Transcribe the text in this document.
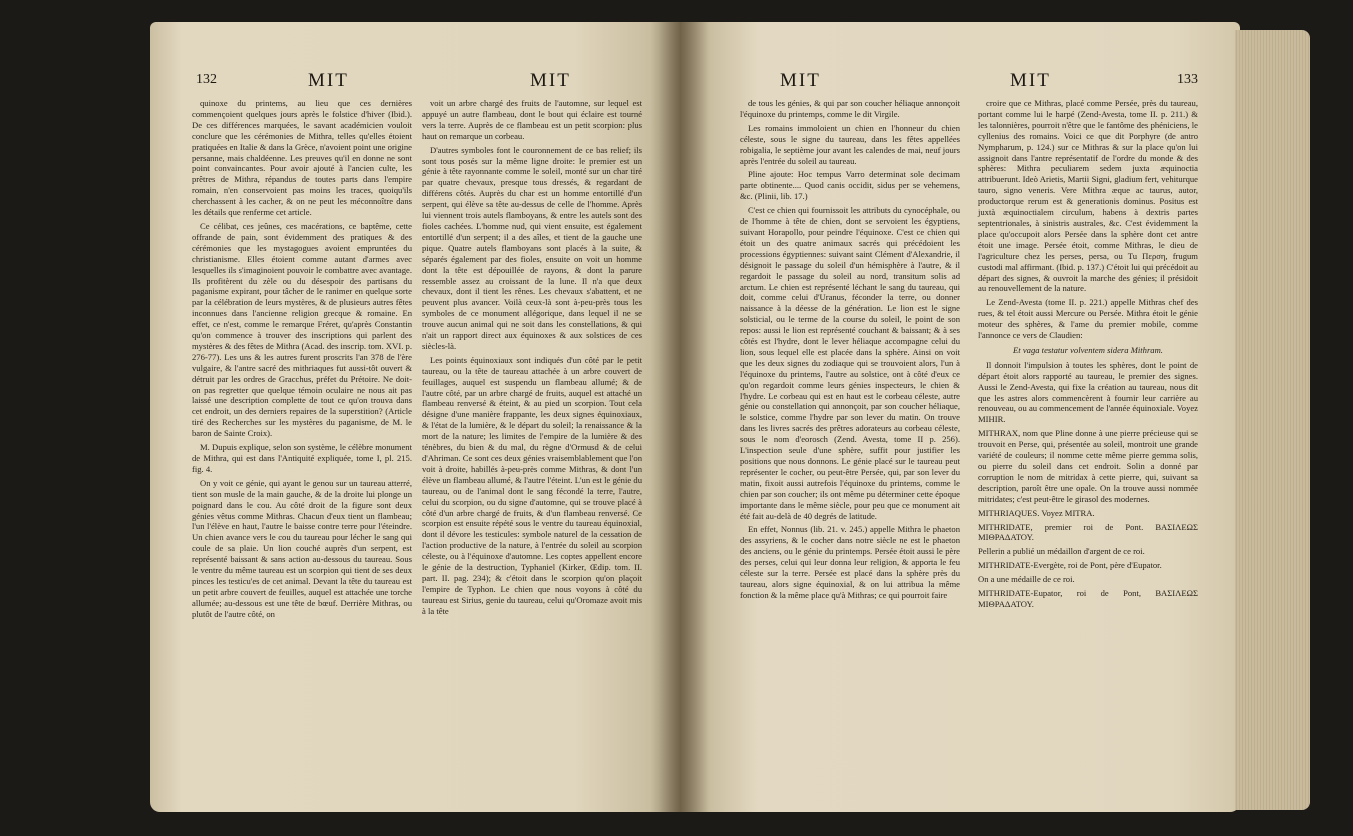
132	MIT	MIT

quinoxe du printems, au lieu que ces dernières commençoient quelques jours après le folstice d'hiver (Ibid.). De ces différences marquées, le savant académicien vouloit conclure que les cérémonies de Mithra, telles qu'elles étoient pratiquées en Italie & dans la Grèce, n'avoient point une origine persanne, mais chaldéenne. Les preuves qu'il en donne ne sont point convaincantes. Pour avoir ajouté à l'ancien culte, les prêtres de Mithra, répandus de toutes parts dans l'empire romain, n'en conservoient pas moins les traces, quoiqu'ils cherchassent à les cacher, & on ne peut les méconnoître dans les détails que renferme cet article.

Ce célibat, ces jeûnes, ces macérations, ce baptême, cette offrande de pain, sont évidemment des pratiques & des cérémonies que les mystagogues avoient empruntées du christianisme. Elles étoient comme autant d'armes avec lesquelles ils s'imaginoient pouvoir le combattre avec avantage. Ils profitèrent du zèle ou du désespoir des partisans du paganisme expirant, pour tâcher de le ranimer en quelque sorte par la célébration de leurs mystères, & de plusieurs autres fêtes inconnues dans l'ancienne religion grecque & romaine. En effet, ce n'est, comme le remarque Fréret, qu'après Constantin qu'on commence à trouver des inscriptions qui parlent des mystères & des fêtes de Mithra (Acad. des inscrip. tom. XVI. p. 276-77). Les uns & les autres furent proscrits l'an 378 de l'ère vulgaire, & l'antre sacré des mithriaques fut aussi-tôt ouvert & détruit par les ordres de Gracchus, préfet du Prétoire. Ne doit-on pas regretter que quelque témoin oculaire ne nous ait pas laissé une description complette de tout ce qu'on trouva dans cet endroit, un des derniers repaires de la superstition? (Article tiré des Recherches sur les mystères du paganisme, de M. le baron de Sainte Croix).

M. Dupuis explique, selon son système, le célèbre monument de Mithra, qui est dans l'Antiquité expliquée, tome I, pl. 215. fig. 4.

On y voit ce génie, qui ayant le genou sur un taureau atterré, tient son musle de la main gauche, & de la droite lui plonge un poignard dans le cou. Au côté droit de la figure sont deux génies vêtus comme Mithras. Chacun d'eux tient un flambeau; l'un l'élève en haut, l'autre le baisse contre terre pour l'éteindre. Un chien avance vers le cou du taureau pour lécher le sang qui coule de sa plaie. Un lion couché auprès d'un serpent, est représenté baissant & sans action au-dessous du taureau. Sous le ventre du même taureau est un scorpion qui tient de ses deux pinces les testicu'es de cet animal. Devant la tête du taureau est un petit arbre couvert de feuilles, auquel est attachée une torche allumée; au-dessous est une tête de bœuf. Derrière Mithras, ou plutôt de l'autre côté, on

voit un arbre chargé des fruits de l'automne, sur lequel est appuyé un autre flambeau, dont le bout qui éclaire est tourné vers la terre. Auprès de ce flambeau est un petit scorpion: plus haut on remarque un corbeau.

D'autres symboles font le couronnement de ce bas relief; ils sont tous posés sur la même ligne droite: le premier est un génie à tête rayonnante comme le soleil, monté sur un char tiré par quatre chevaux, presque tous dressés, & regardant de différens côtés. Auprès du char est un homme entortillé d'un serpent, qui élève sa tête au-dessus de celle de l'homme. Après lui viennent trois autels flamboyans, & entre les autels sont des fioles cachées. L'homme nud, qui vient ensuite, est également entortillé d'un serpent; il a des aîles, et tient de la gauche une pique. Quatre autels flamboyans sont placés à la suite, & séparés également par des fioles, ensuite on voit un homme dont la tête est dépouillée de rayons, & dont la parure ressemble assez au croissant de la lune. Il n'a que deux chevaux, dont il tient les rênes. Les chevaux s'abattent, et ne peuvent plus avancer. Voilà ceux-là sont à-peu-près tous les symboles de ce monument allégorique, dans lequel il ne se trouve aucun animal qui ne soit dans les constellations, & qui n'ait un rapport direct aux équinoxes & aux solstices de ces siècles-là.

Les points équinoxiaux sont indiqués d'un côté par le petit taureau, ou la tête de taureau attachée à un arbre couvert de feuillages, auquel est suspendu un flambeau allumé; & de l'autre côté, par un arbre chargé de fruits, auquel est attaché un flambeau renversé & éteint, & au pied un scorpion. Tout cela désigne d'une manière frappante, les deux signes équinoxiaux, & l'état de la lumière, & le départ du soleil; la renaissance & la mort de la nature; les limites de l'empire de la lumière & des ténèbres, du bien & du mal, du règne d'Ormusd & de celui d'Ahriman. Ce sont ces deux génies vraisemblablement que l'on voit à droite, habillés à-peu-près comme Mithras, & dont l'un élève un flambeau allumé, & l'autre l'éteint. L'un est le génie du taureau, ou de l'animal dont le sang fécondé la terre, l'autre, celui du scorpion, ou du signe d'automne, qui se trouve placé à côté d'un arbre chargé de fruits, & d'un flambeau renversé. Ce scorpion est ensuite répété sous le ventre du taureau équinoxial, dont il dévore les testicules: symbole naturel de la cessation de l'action productive de la nature, à l'entrée du soleil au scorpion céleste, ou à l'équinoxe d'automne. Les coptes appellent encore le génie de la destruction, Typhaniel (Kirker, Œdip. tom. II. part. II. pag. 234); & c'étoit dans le scorpion qu'on plaçoit l'empire de Typhon. Le chien que nous voyons à côté du taureau est Sirius, genie du taureau, celui qu'Oromaze avoit mis à la tête

MIT	MIT	133

de tous les génies, & qui par son coucher héliaque annonçoit l'équinoxe du printemps, comme le dit Virgile.

Les romains immoloient un chien en l'honneur du chien céleste, sous le signe du taureau, dans les fêtes appellées robigalia, le septième jour avant les calendes de mai, neuf jours après l'entrée du soleil au taureau.

Pline ajoute: Hoc tempus Varro determinat sole decimam parte obtinente.... Quod canis occidit, sidus per se vehemens, &c. (Plinii, lib. 17.)

C'est ce chien qui fournissoit les attributs du cynocéphale, ou de l'homme à tête de chien, dont se servoient les égyptiens, suivant Horapollo, pour peindre l'équinoxe. C'est ce chien qui étoit un des quatre animaux sacrés qui précédoient les processions égyptiennes: suivant saint Clément d'Alexandrie, il désignoit le passage du soleil d'un hémisphère à l'autre, & il regardoit le passage du soleil au nord, transitum solis ad arctum. Le chien est représenté léchant le sang du taureau, qui doit, comme celui d'Uranus, féconder la terre, ou donner naissance à la déesse de la génération. Le lion est le signe solsticial, ou le terme de la course du soleil, le point de son repos: aussi le lion est représenté couchant & baissant; & à ses côtés est l'hydre, dont le lever héliaque accompagne celui du lion, sous lequel elle est placée dans la sphère. Ainsi on voit que les deux signes du zodiaque qui se trouvoient alors, l'un à l'équinoxe du printems, l'autre au solstice, ont à côté d'eux ce qu'on regardoit comme leurs génies inspecteurs, le chien & l'hydre. Le corbeau qui est en haut est le corbeau céleste, autre génie ou constellation qui annonçoit, par son coucher héliaque, le solstice, comme l'hydre par son lever du matin. On trouve dans les livres sacrés des prêtres adorateurs au corbeau céleste, sous le nom d'eorosch (Zend. Avesta, tome II p. 256). L'inspection seule d'une sphère, suffit pour justifier les positions que nous donnons. Le génie placé sur le taureau peut représenter le cocher, ou peut-être Persée, qui, par son lever du matin, fixoit aussi autrefois l'équinoxe du printems, comme le chien par son coucher; ils ont même pu déterminer cette époque importante dans le même siècle, pour peu que ce monument ait été fait au-delà de 40 degrés de latitude.

En effet, Nonnus (lib. 21. v. 245.) appelle Mithra le phaeton des assyriens, & le cocher dans notre siècle ne est le phaeton des anciens, ou le génie du printemps. Persée étoit aussi le père des perses, celui qui leur donna leur religion, & apporta le feu céleste sur la terre. Persée est placé dans la sphère près du taureau, alors signe équinoxial, & on lui attribua la même fonction & la même place qu'à Mithras; ce qui pourroit faire

croire que ce Mithras, placé comme Persée, près du taureau, portant comme lui le harpé (Zend-Avesta, tome II. p. 211.) & les talonnières, pourroit n'être que le fantôme des phéniciens, le cyllenius des romains. Voici ce que dit Porphyre (de antro Nympharum, p. 124.) sur ce Mithras & sur la place qu'on lui assignoit dans l'antre représentatif de l'ordre du monde & des sphères: Mithra peculiarem sedem juxta æquinoctia attribuerunt. Ideò Arietis, Martii Signi, gladium fert, vehiturque tauro, signo veneris. Vere Mithra æque ac taurus, autor, productorque rerum est & generationis dominus. Positus est juxtà æquinoctialem circulum, habens à dextris partes septentrionales, à sinistris australes, &c. C'est évidemment la place qu'occupoit alors Persée dans la sphère dont cet antre étoit une image. Persée étoit, comme Mithras, le dieu de l'agriculture chez les perses, persa, ou Tu Περση, frugum custodi mal affirmant. (Ibid. p. 137.) C'étoit lui qui précédoit au départ des signes, & ouvroit la marche des génies; il présidoit au renouvellement de la nature.

Le Zend-Avesta (tome II. p. 221.) appelle Mithras chef des rues, & tel étoit aussi Mercure ou Persée. Mithra étoit le génie moteur des sphères, & l'ame du premier mobile, comme l'annonce ce vers de Claudien:

Et vaga testatur volventem sidera Mithram.

Il donnoit l'impulsion à toutes les sphères, dont le point de départ étoit alors rapporté au taureau, le premier des signes. Aussi le Zend-Avesta, qui fixe la création au taureau, nous dit que les astres alors commencèrent à fournir leur carrière au renouveau, ou au commencement de l'année équinoxiale. Voyez MIHIR.

MITHRAX, nom que Pline donne à une pierre précieuse qui se trouvoit en Perse, qui, présentée au soleil, montroit une grande variété de couleurs; il nomme cette même pierre gemma solis, ou pierre du soleil dans cet endroit. Solin a donné par corruption le nom de mitridax à cette pierre, qui, suivant sa description, paroît être une opale. On la trouve aussi nommée mitridates; c'est peut-être le girasol des modernes.

MITHRIAQUES. Voyez MITRA.

MITHRIDATE, premier roi de Pont. ΒΑΣΙΛΕΩΣ ΜΙΘΡΑΔΑΤΟΥ.

Pellerin a publié un médaillon d'argent de ce roi.

MITHRIDATE-Evergète, roi de Pont, père d'Eupator.

On a une médaille de ce roi.

MITHRIDATE-Eupator, roi de Pont, ΒΑΣΙΛΕΩΣ ΜΙΘΡΑΔΑΤΟΥ.
